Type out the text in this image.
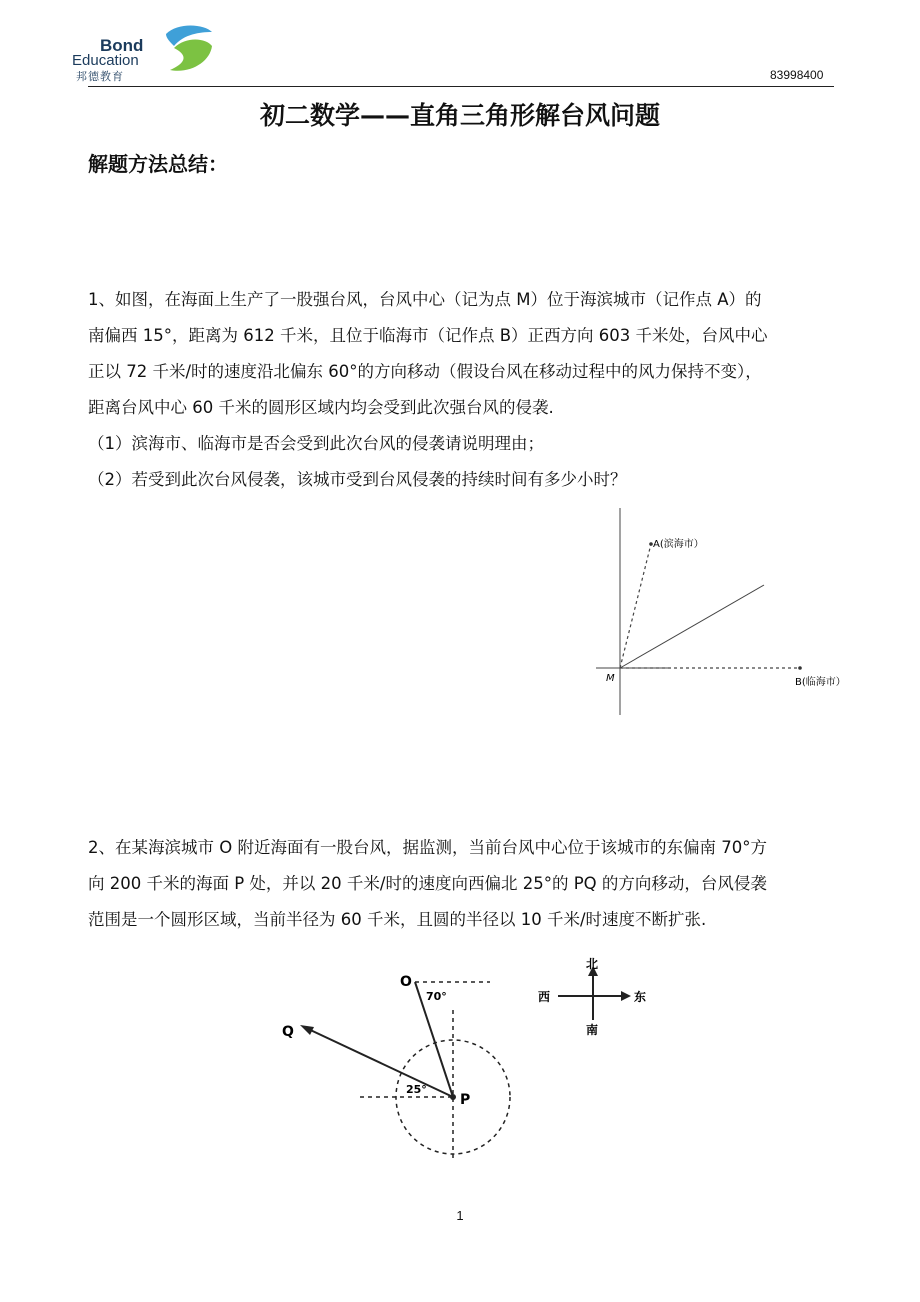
Bond
Education
邦德教育	83998400
初二数学——直角三角形解台风问题
解题方法总结：
1、如图，在海面上生产了一股强台风，台风中心（记为点 M）位于海滨城市（记作点 A）的
南偏西 15°，距离为 612 千米，且位于临海市（记作点 B）正西方向 603 千米处，台风中心
正以 72 千米/时的速度沿北偏东 60°的方向移动（假设台风在移动过程中的风力保持不变），
距离台风中心 60 千米的圆形区域内均会受到此次强台风的侵袭.
（1）滨海市、临海市是否会受到此次台风的侵袭请说明理由；
（2）若受到此次台风侵袭，该城市受到台风侵袭的持续时间有多少小时？
A(滨海市）
M	B(临海市）
2、在某海滨城市 O 附近海面有一股台风，据监测，当前台风中心位于该城市的东偏南 70°方
向 200 千米的海面 P 处，并以 20 千米/时的速度向西偏北 25°的 PQ 的方向移动，台风侵袭
范围是一个圆形区域，当前半径为 60 千米，且圆的半径以 10 千米/时速度不断扩张.
O
70°
Q
25°
P
北
南
西	东
1
